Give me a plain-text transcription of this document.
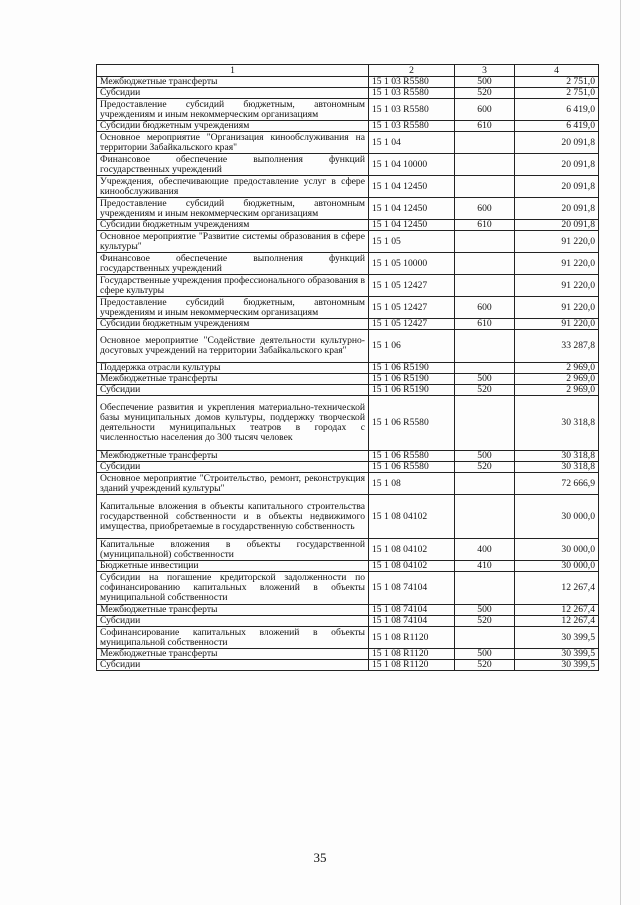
1	2	3	4
Межбюджетные трансферты	15 1 03 R5580	500	2 751,0
Субсидии	15 1 03 R5580	520	2 751,0
Предоставление субсидий бюджетным, автономным учреждениям и иным некоммерческим организациям	15 1 03 R5580	600	6 419,0
Субсидии бюджетным учреждениям	15 1 03 R5580	610	6 419,0
Основное мероприятие "Организация кинообслуживания на территории Забайкальского края"	15 1 04		20 091,8
Финансовое обеспечение выполнения функций государственных учреждений	15 1 04 10000		20 091,8
Учреждения, обеспечивающие предоставление услуг в сфере кинообслуживания	15 1 04 12450		20 091,8
Предоставление субсидий бюджетным, автономным учреждениям и иным некоммерческим организациям	15 1 04 12450	600	20 091,8
Субсидии бюджетным учреждениям	15 1 04 12450	610	20 091,8
Основное мероприятие "Развитие системы образования в сфере культуры"	15 1 05		91 220,0
Финансовое обеспечение выполнения функций государственных учреждений	15 1 05 10000		91 220,0
Государственные учреждения профессионального образования в сфере культуры	15 1 05 12427		91 220,0
Предоставление субсидий бюджетным, автономным учреждениям и иным некоммерческим организациям	15 1 05 12427	600	91 220,0
Субсидии бюджетным учреждениям	15 1 05 12427	610	91 220,0
Основное мероприятие "Содействие деятельности культурно-досуговых учреждений на территории Забайкальского края"	15 1 06		33 287,8
Поддержка отрасли культуры	15 1 06 R5190		2 969,0
Межбюджетные трансферты	15 1 06 R5190	500	2 969,0
Субсидии	15 1 06 R5190	520	2 969,0
Обеспечение развития и укрепления материально-технической базы муниципальных домов культуры, поддержку творческой деятельности муниципальных театров в городах с численностью населения до 300 тысяч человек	15 1 06 R5580		30 318,8
Межбюджетные трансферты	15 1 06 R5580	500	30 318,8
Субсидии	15 1 06 R5580	520	30 318,8
Основное мероприятие "Строительство, ремонт, реконструкция зданий учреждений культуры"	15 1 08		72 666,9
Капитальные вложения в объекты капитального строительства государственной собственности и в объекты недвижимого имущества, приобретаемые в государственную собственность	15 1 08 04102		30 000,0
Капитальные вложения в объекты государственной (муниципальной) собственности	15 1 08 04102	400	30 000,0
Бюджетные инвестиции	15 1 08 04102	410	30 000,0
Субсидии на погашение кредиторской задолженности по софинансированию капитальных вложений в объекты муниципальной собственности	15 1 08 74104		12 267,4
Межбюджетные трансферты	15 1 08 74104	500	12 267,4
Субсидии	15 1 08 74104	520	12 267,4
Софинансирование капитальных вложений в объекты муниципальной собственности	15 1 08 R1120		30 399,5
Межбюджетные трансферты	15 1 08 R1120	500	30 399,5
Субсидии	15 1 08 R1120	520	30 399,5
35
